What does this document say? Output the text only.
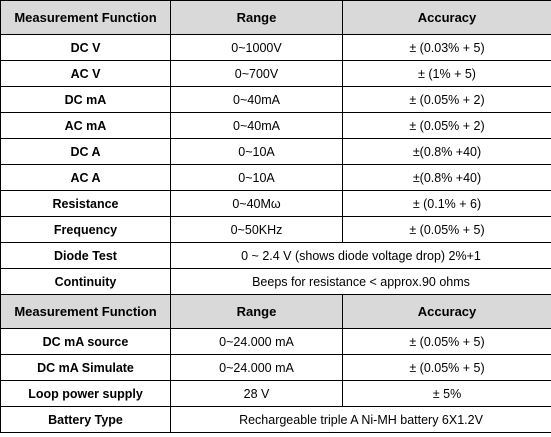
Measurement Function	Range	Accuracy
DC V	0~1000V	± (0.03% + 5)
AC V	0~700V	± (1% + 5)
DC mA	0~40mA	± (0.05% + 2)
AC mA	0~40mA	± (0.05% + 2)
DC A	0~10A	±(0.8% +40)
AC A	0~10A	±(0.8% +40)
Resistance	0~40Mω	± (0.1% + 6)
Frequency	0~50KHz	± (0.05% + 5)
Diode Test	0 ~ 2.4 V (shows diode voltage drop) 2%+1	
Continuity	Beeps for resistance < approx.90 ohms	
Measurement Function	Range	Accuracy
DC mA source	0~24.000 mA	± (0.05% + 5)
DC mA Simulate	0~24.000 mA	± (0.05% + 5)
Loop power supply	28 V	± 5%
Battery Type	Rechargeable triple A Ni-MH battery 6X1.2V	
